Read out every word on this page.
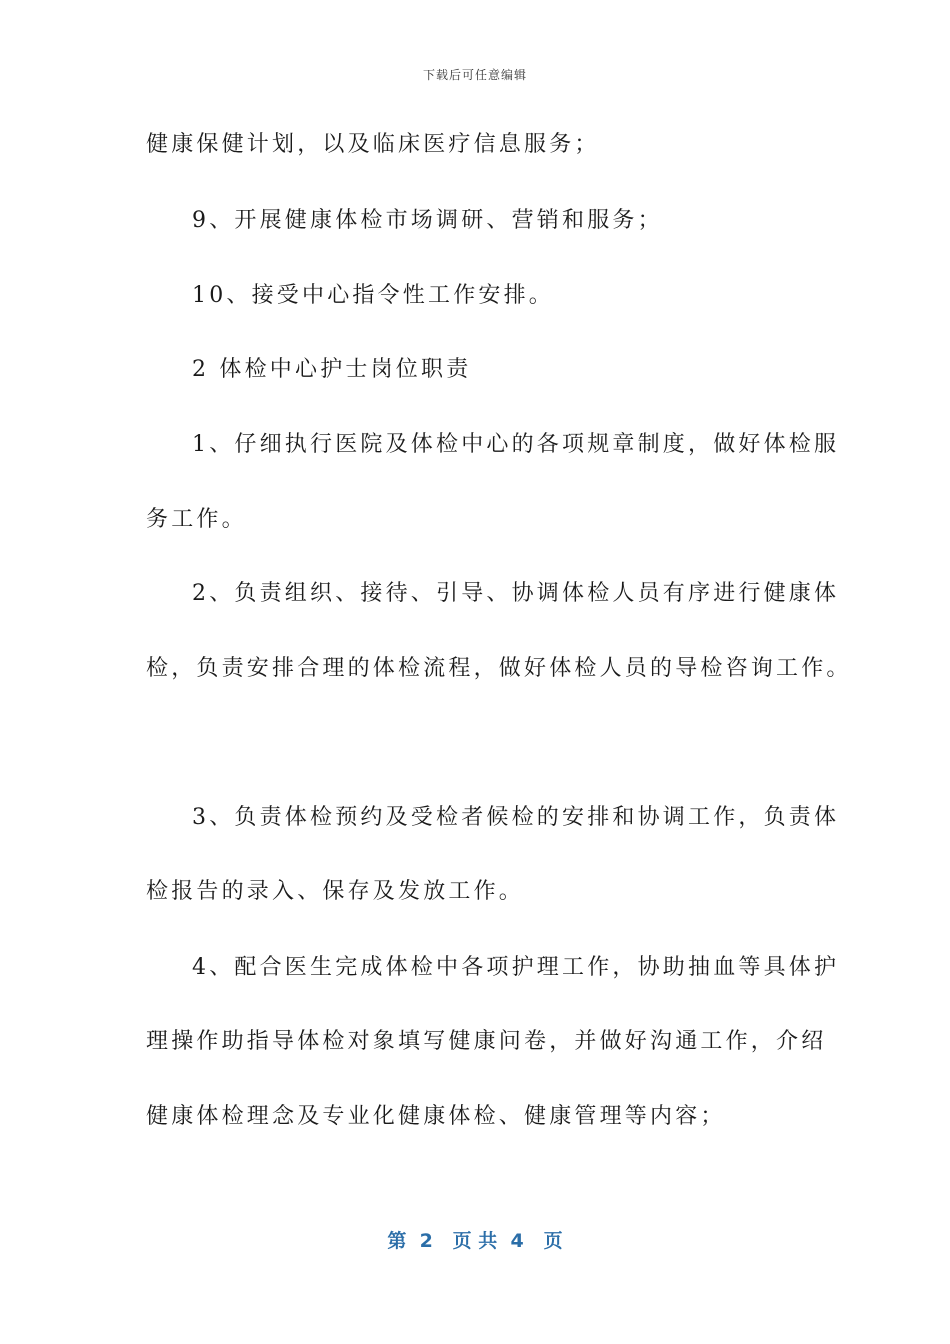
下载后可任意编辑
健康保健计划，以及临床医疗信息服务；
9、开展健康体检市场调研、营销和服务；
10、接受中心指令性工作安排。
2 体检中心护士岗位职责
1、仔细执行医院及体检中心的各项规章制度，做好体检服
务工作。
2、负责组织、接待、引导、协调体检人员有序进行健康体
检，负责安排合理的体检流程，做好体检人员的导检咨询工作。
3、负责体检预约及受检者候检的安排和协调工作，负责体
检报告的录入、保存及发放工作。
4、配合医生完成体检中各项护理工作，协助抽血等具体护
理操作助指导体检对象填写健康问卷，并做好沟通工作，介绍
健康体检理念及专业化健康体检、健康管理等内容；
第  2   页 共  4   页
